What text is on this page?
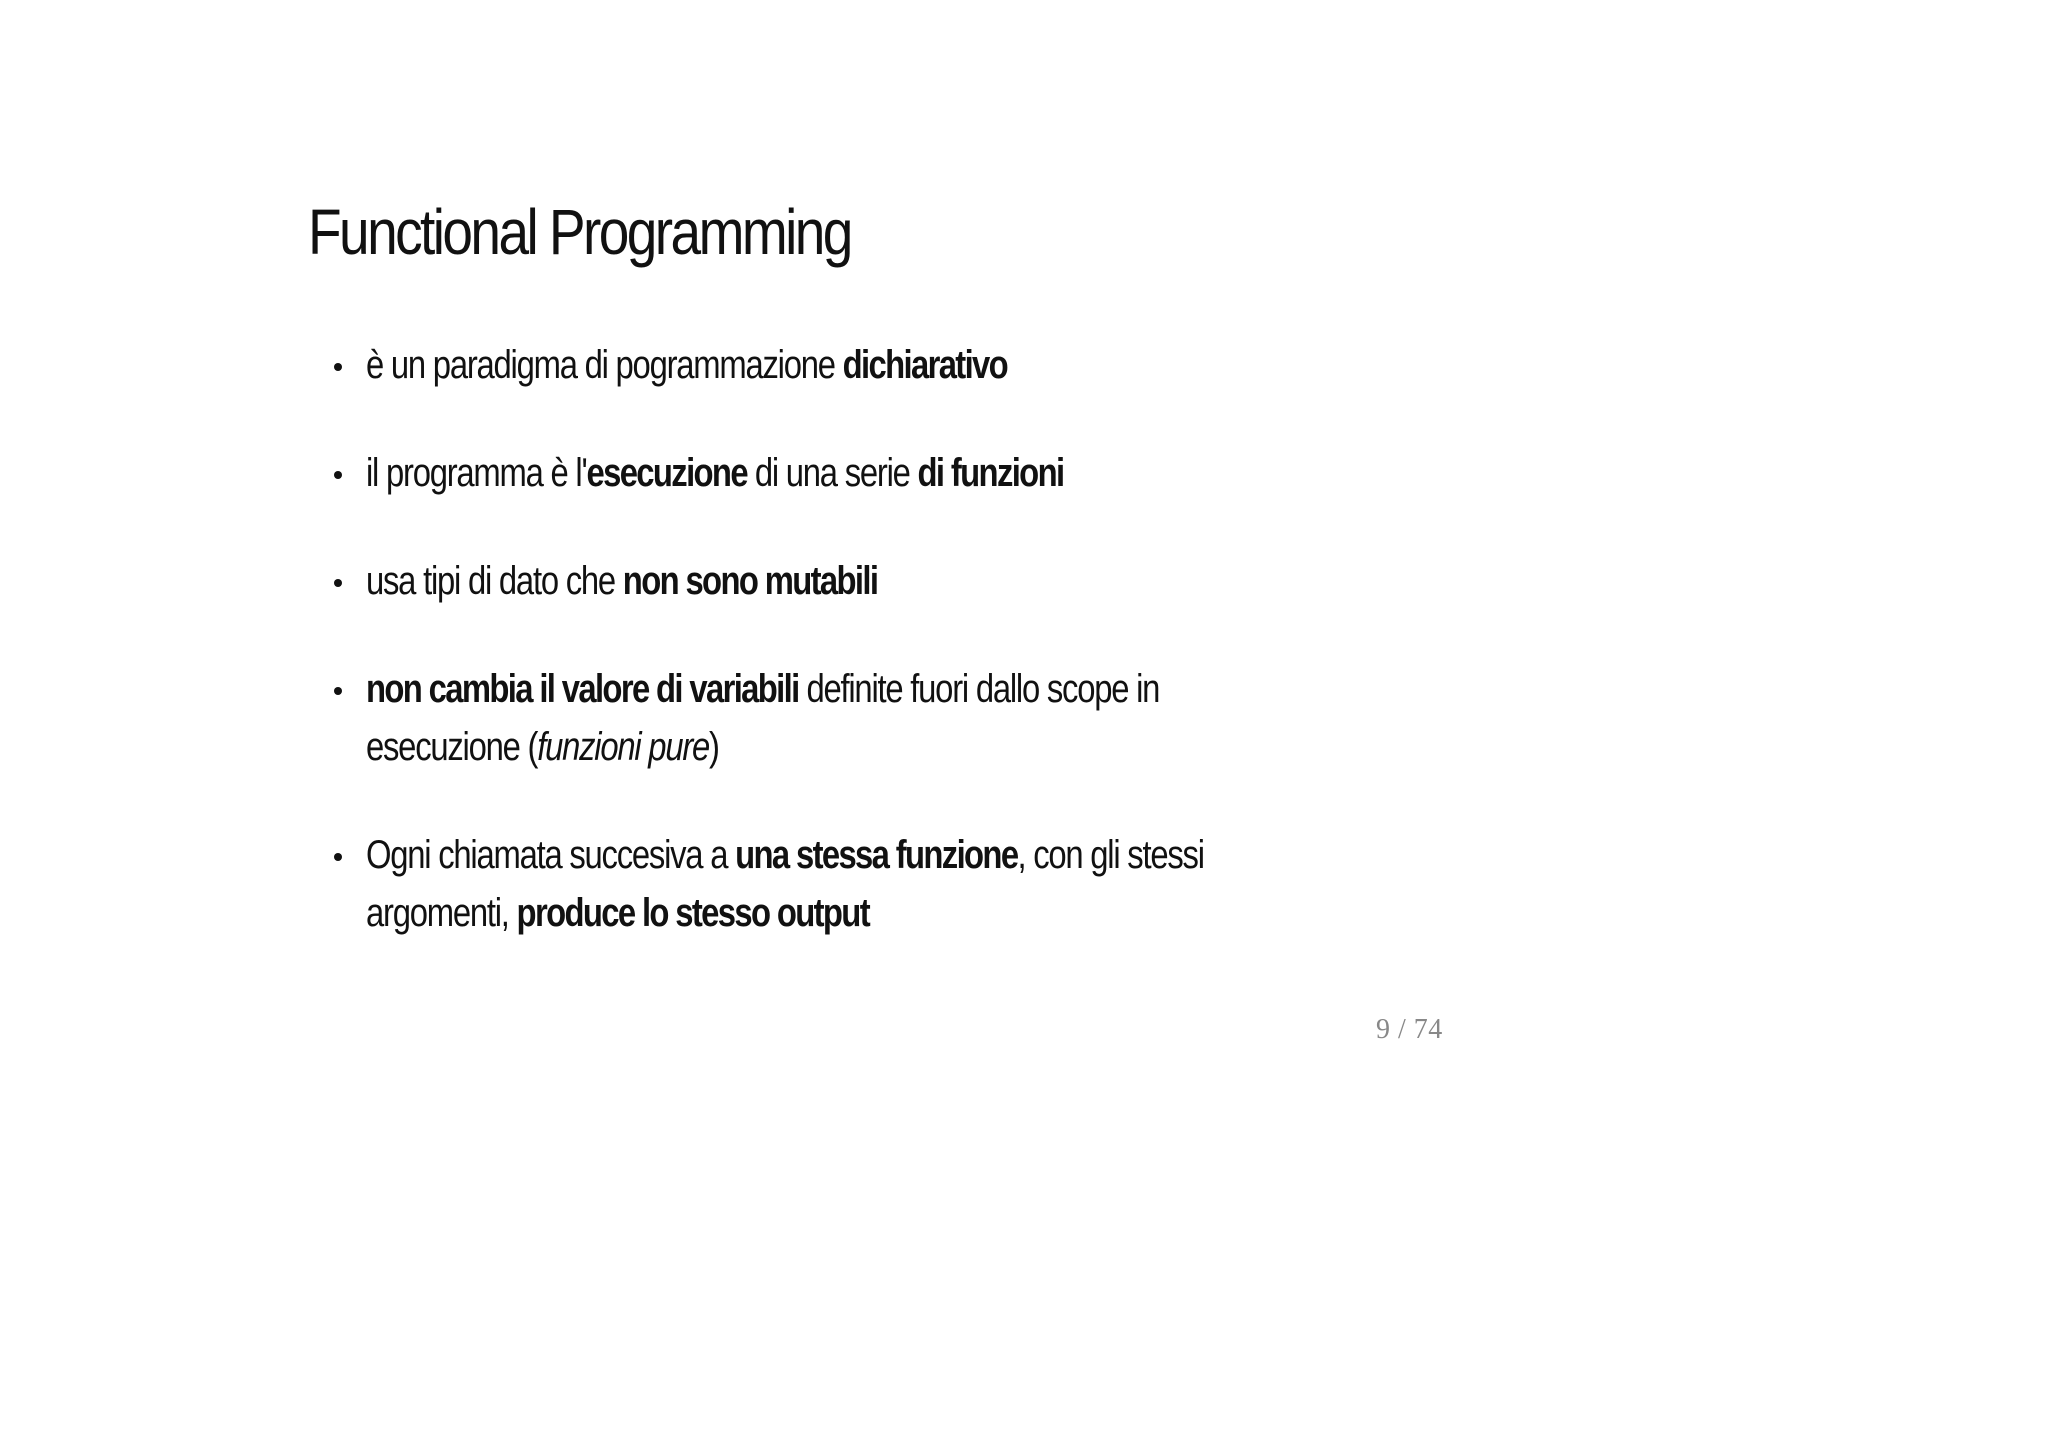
Functional Programming
è un paradigma di pogrammazione dichiarativo
il programma è l'esecuzione di una serie di funzioni
usa tipi di dato che non sono mutabili
non cambia il valore di variabili definite fuori dallo scope in
esecuzione (funzioni pure)
Ogni chiamata succesiva a una stessa funzione, con gli stessi
argomenti, produce lo stesso output
9 / 74
